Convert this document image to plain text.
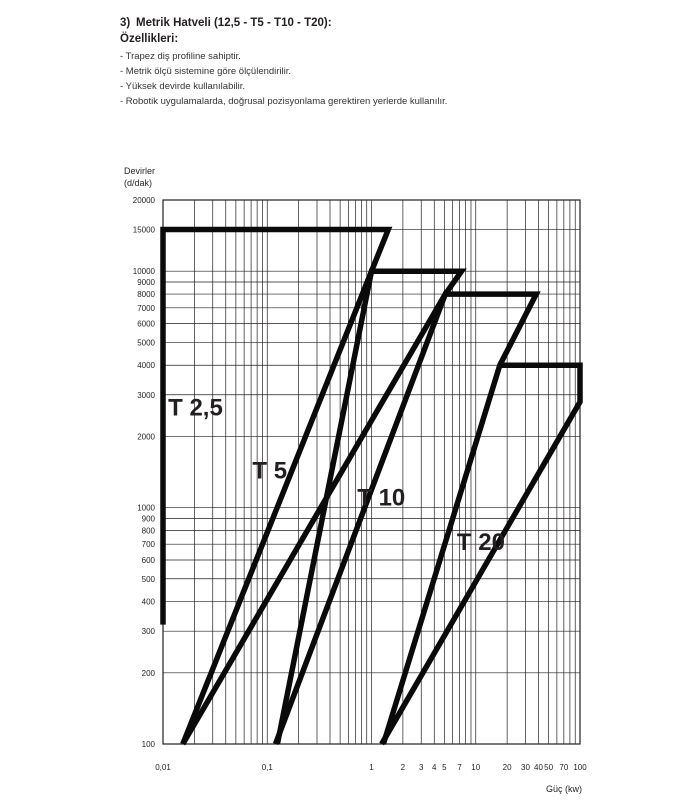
3) Metrik Hatveli (12,5 - T5 - T10 - T20):

Özellikleri:

- Trapez diş profiline sahiptir.
- Metrik ölçü sistemine göre ölçülendirilir.
- Yüksek devirde kullanılabilir.
- Robotik uygulamalarda, doğrusal pozisyonlama gerektiren yerlerde kullanılır.
0,01	0,1	1	2 3 4 5 7 10	20 30 40 50 70 100
100
200
300
400
500
600
700
800
900
1000
2000
3000
4000
5000
6000
7000
8000
9000
10000
15000
20000
T 2,5
T 5
T 10
T 20
Devirler
(d/dak)
Güç (kw)
